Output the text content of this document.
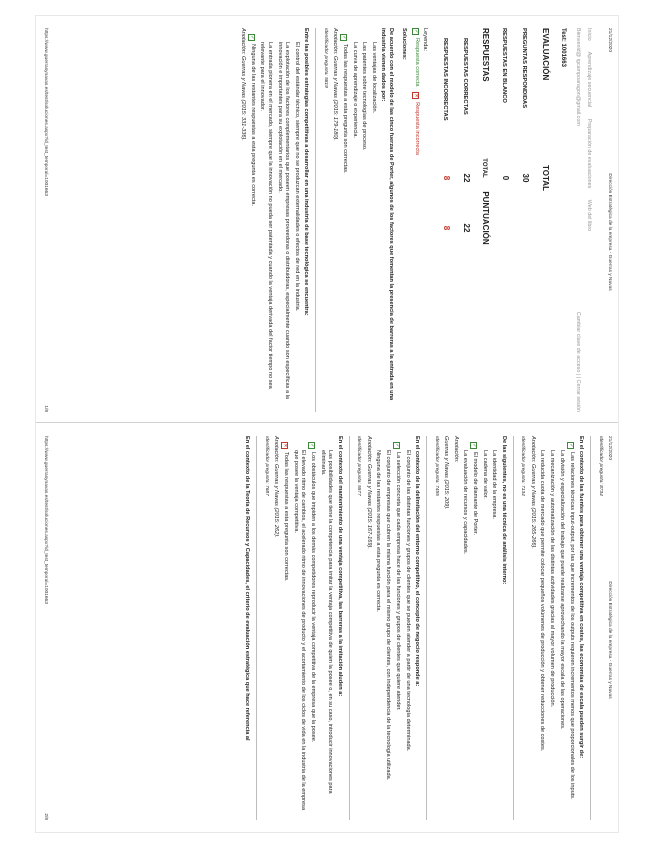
21/12/2020
Dirección Estratégica de la empresa - Guerras y Navas
Inicio Aprendizaje secuencial Preparación de evaluaciones Web del libro
Bienvenid@ igcampoaragon@gmail.com
Cambiar clave de acceso | | Cerrar sesión
Test: 1001663
EVALUACIÓN
TOTAL
PREGUNTAS RESPONDIDAS
30
RESPUESTAS EN BLANCO
0
RESPUESTAS
TOTAL
PUNTUACIÓN
RESPUESTAS CORRECTAS
22
22
RESPUESTAS INCORRECTAS
8
8
Leyenda:
✓Respuesta correcta ✕Respuesta incorrecta
Soluciones:
De acuerdo con el modelo de las cinco fuerzas de Porter, algunos de los factores que fomentan la presencia de barreras a la entrada en una industria vienen dados por:
Las ventajas de localización.
Las patentes sobre tecnologías de proceso.
La curva de aprendizaje o experiencia.
✓Todas las respuestas a esta pregunta son correctas.
Anotación: Guerras y Navas (2015: 179-180).
Identificador pregunta: 5819
Entre las posibles estrategias competitivas a desarrollar en una industria de base tecnológica se encuentra:
El control del estándar técnico, siempre que no se produzcan externalidades o efectos de red en la industria.
La explotación de los factores complementarios que poseen empresas proveedoras o distribuidoras, especialmente cuando son específicas a la innovación e importantes para su explotación en el mercado.
La entrada pionera en el mercado, siempre que la innovación no pueda ser patentada y cuando la ventaja derivada del factor tiempo no sea relevante para el innovador.
✓Ninguna de las restantes respuestas a esta pregunta es correcta.
Anotación: Guerras y Navas (2015: 331-336).
https://www.guerrasynavas.es/test/soluciones.aspx?id_test_temporal=1001663
1/8
21/12/2020
Dirección Estratégica de la empresa - Guerras y Navas
Identificador pregunta: 8734
En el contexto de las fuentes para obtener una ventaja competitiva en costes, las economías de escala pueden surgir de:
✓Las relaciones técnicas input-output, por las que incrementos de los outputs requieren incrementos menos que proporcionales de los inputs.
La división y especialización del trabajo que puede realizarse aprovechando la mayor escala de las operaciones.
La mecanización y automatización de las distintas actividades gracias al mayor volumen de producción.
La reducida cuota de mercado que permite colocar pequeños volúmenes de producción y obtener reducciones de costes.
Anotación: Guerras y Navas (2015: 265-266).
Identificador pregunta: 7134
De las siguientes, no es una técnica de análisis interno:
La identidad de la empresa.
La cadena de valor.
✓El modelo de diamante de Porter.
La evaluación de recursos y capacidades.
Anotación:
Guerras y Navas (2015: 209).
Identificador pregunta: 7455
En el contexto de la delimitación del entorno competitivo, el concepto de negocio responde a:
El conjunto de las distintas funciones y grupos de clientes que se pueden atender a partir de una tecnología determinada.
✓La selección concreta que cada empresa hace de las funciones y grupos de clientes que quiere atender.
El conjunto de empresas que cubren la misma función para el mismo grupo de clientes, con independencia de la tecnología utilizada.
Ninguna de las restantes respuestas a esta pregunta es correcta.
Anotación: Guerras y Navas (2015: 167-169).
Identificador pregunta: 5577
En el contexto del mantenimiento de una ventaja competitiva, las barreras a la imitación aluden a:
Las posibilidades que tiene la competencia para imitar la ventaja competitiva de quien la posee o, en su caso, introducir innovaciones para eliminarla.
✓Los obstáculos que impiden a los demás competidores reproducir la ventaja competitiva de la empresa que la posee.
El elevado ritmo de cambios, el acelerado ritmo de innovaciones de producto y el acortamiento de los ciclos de vida en la industria de la empresa que posee la ventaja competitiva.
✕Todas las respuestas a esta pregunta son correctas.
Anotación: Guerras y Navas (2015: 262).
Identificador pregunta: 7687
En el contexto de la Teoría de Recursos y Capacidades, el criterio de evaluación estratégica que hace referencia al
https://www.guerrasynavas.es/test/soluciones.aspx?id_test_temporal=1001663
2/8
